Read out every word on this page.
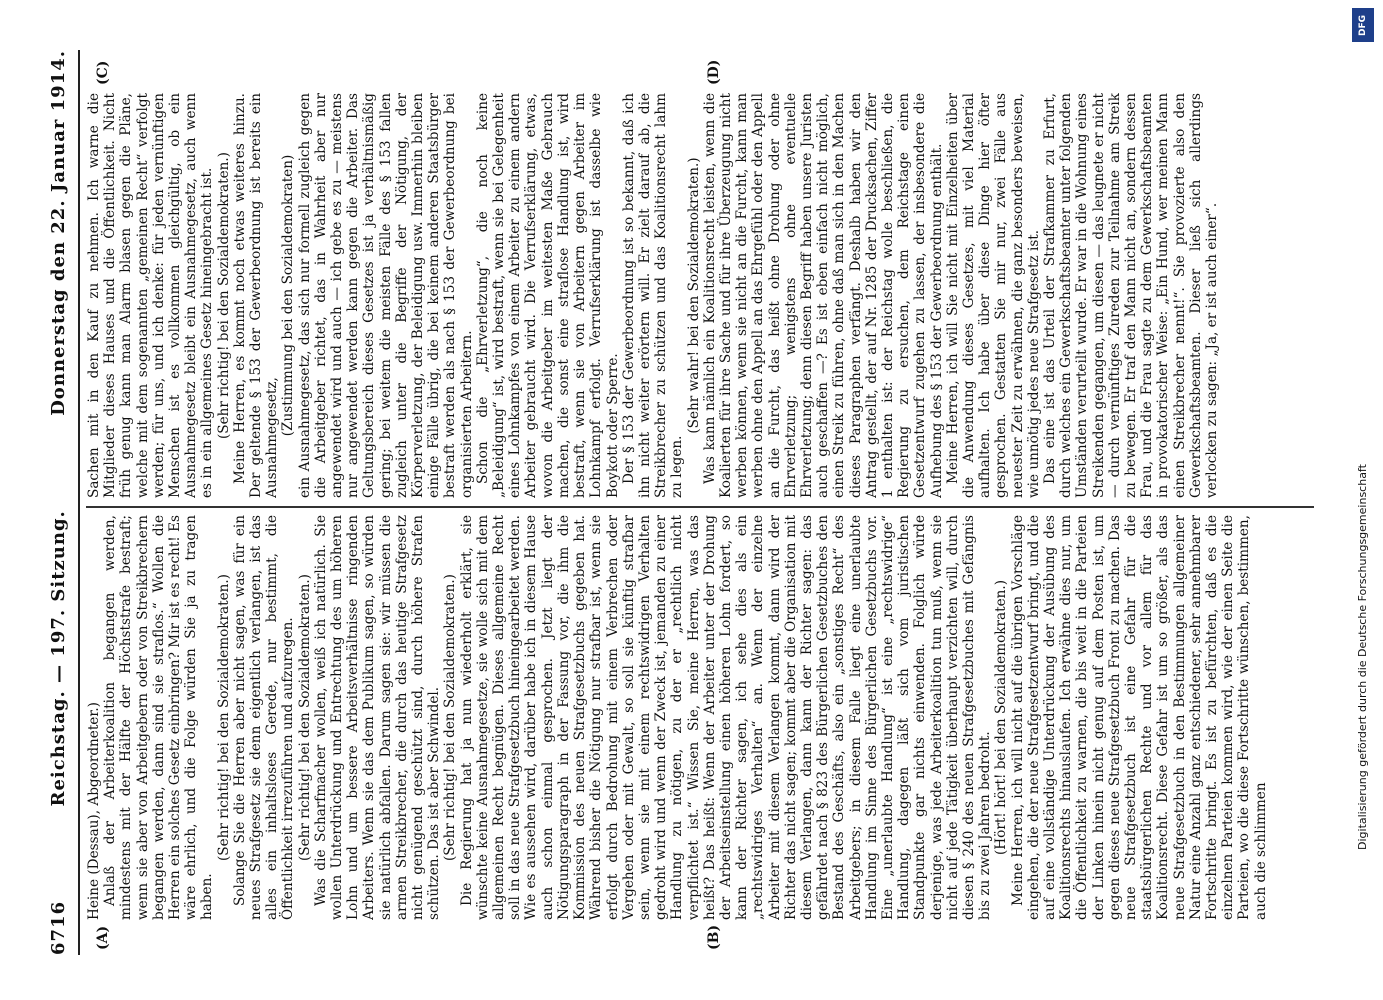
6716
Reichstag. — 197. Sitzung.
Donnerstag den 22. Januar 1914.
(A)	(B)
(C)	(D)

Heine (Dessau), Abgeordneter.) Anlaß der Arbeiterkoalition begangen werden, mindestens mit der Hälfte der Höchststrafe bestraft; wenn sie aber von Arbeitgebern oder von Streikbrechern begangen werden, dann sind sie straflos.“ Wollen die Herren ein solches Gesetz einbringen? Mir ist es recht! Es wäre ehrlich, und die Folge würden Sie ja zu tragen haben.

(Sehr richtig! bei den Sozialdemokraten.) Solange Sie die Herren aber nicht sagen, was für ein neues Strafgesetz sie denn eigentlich verlangen, ist das alles ein inhaltsloses Gerede, nur bestimmt, die Öffentlichkeit irrezuführen und aufzuregen. (Sehr richtig! bei den Sozialdemokraten.) Was die Scharfmacher wollen, weiß ich natürlich. Sie wollen Unterdrückung und Entrechtung des um höheren Lohn und um bessere Arbeitsverhältnisse ringenden Arbeiters. Wenn sie das dem Publikum sagen, so würden sie natürlich abfallen. Darum sagen sie: wir müssen die armen Streikbrecher, die durch das heutige Strafgesetz nicht genügend geschützt sind, durch höhere Strafen schützen. Das ist aber Schwindel. (Sehr richtig! bei den Sozialdemokraten.) Die Regierung hat ja nun wiederholt erklärt, sie wünschte keine Ausnahmegesetze, sie wolle sich mit dem allgemeinen Recht begnügen. Dieses allgemeine Recht soll in das neue Strafgesetzbuch hineingearbeitet werden. Wie es aussehen wird, darüber habe ich in diesem Hause auch schon einmal gesprochen. Jetzt liegt der Nötigungsparagraph in der Fassung vor, die ihm die Kommission des neuen Strafgesetzbuchs gegeben hat. Während bisher die Nötigung nur strafbar ist, wenn sie erfolgt durch Bedrohung mit einem Verbrechen oder Vergehen oder mit Gewalt, so soll sie künftig strafbar sein, wenn sie mit einem rechtswidrigen Verhalten gedroht wird und wenn der Zweck ist, jemanden zu einer Handlung zu nötigen, zu der er „rechtlich nicht verpflichtet ist.“ Wissen Sie, meine Herren, was das heißt? Das heißt: Wenn der Arbeiter unter der Drohung der Arbeitseinstellung einen höheren Lohn fordert, so kann der Richter sagen, ich sehe dies als ein „rechtswidriges Verhalten“ an. Wenn der einzelne Arbeiter mit diesem Verlangen kommt, dann wird der Richter das nicht sagen; kommt aber die Organisation mit diesem Verlangen, dann kann der Richter sagen: das gefährdet nach § 823 des Bürgerlichen Gesetzbuches den Bestand des Geschäfts, also ein „sonstiges Recht“ des Arbeitgebers; in diesem Falle liegt eine unerlaubte Handlung im Sinne des Bürgerlichen Gesetzbuchs vor. Eine „unerlaubte Handlung“ ist eine „rechtswidrige“ Handlung, dagegen läßt sich vom juristischen Standpunkte gar nichts einwenden. Folglich würde derjenige, was jede Arbeiterkoalition tun muß, wenn sie nicht auf jede Tätigkeit überhaupt verzichten will, durch diesen § 240 des neuen Strafgesetzbuches mit Gefängnis bis zu zwei Jahren bedroht. (Hört! hört! bei den Sozialdemokraten.) Meine Herren, ich will nicht auf die übrigen Vorschläge eingehen, die der neue Strafgesetzentwurf bringt, und die auf eine vollständige Unterdrückung der Ausübung des Koalitionsrechts hinauslaufen. Ich erwähne dies nur, um die Öffentlichkeit zu warnen, die bis weit in die Parteien der Linken hinein nicht genug auf dem Posten ist, um gegen dieses neue Strafgesetzbuch Front zu machen. Das neue Strafgesetzbuch ist eine Gefahr für die staatsbürgerlichen Rechte und vor allem für das Koalitionsrecht. Diese Gefahr ist um so größer, als das neue Strafgesetzbuch in den Bestimmungen allgemeiner Natur eine Anzahl ganz entschiedener, sehr annehmbarer Fortschritte bringt. Es ist zu befürchten, daß es die einzelnen Parteien kommen wird, wie der einen Seite die Parteien, wo die diese Fortschritte wünschen, bestimmen, auch die schlimmen

Sachen mit in den Kauf zu nehmen. Ich warne die Mitglieder dieses Hauses und die Öffentlichkeit. Nicht früh genug kann man Alarm blasen gegen die Pläne, welche mit dem sogenannten „gemeinen Recht“ verfolgt werden; für uns, und ich denke: für jeden vernünftigen Menschen ist es vollkommen gleichgültig, ob ein Ausnahmegesetz bleibt ein Ausnahmegesetz, auch wenn es in ein allgemeines Gesetz hineingebracht ist. (Sehr richtig! bei den Sozialdemokraten.) Meine Herren, es kommt noch etwas weiteres hinzu. Der geltende § 153 der Gewerbeordnung ist bereits ein Ausnahmegesetz,

(Zustimmung bei den Sozialdemokraten) ein Ausnahmegesetz, das sich nur formell zugleich gegen die Arbeitgeber richtet, das in Wahrheit aber nur angewendet wird und auch — ich gebe es zu — meistens nur angewendet werden kann gegen die Arbeiter. Das Geltungsbereich dieses Gesetzes ist ja verhältnismäßig gering; bei weitem die meisten Fälle des § 153 fallen zugleich unter die Begriffe der Nötigung, der Körperverletzung, der Beleidigung usw. Immerhin bleiben einige Fälle übrig, die bei keinem anderen Staatsbürger bestraft werden als nach § 153 der Gewerbeordnung bei organisierten Arbeitern. Schon die „Ehrverletzung“, die noch keine „Beleidigung“ ist, wird bestraft, wenn sie bei Gelegenheit eines Lohnkampfes von einem Arbeiter zu einem andern Arbeiter gebraucht wird. Die Verrufserklärung, etwas, wovon die Arbeitgeber im weitesten Maße Gebrauch machen, die sonst eine straflose Handlung ist, wird bestraft, wenn sie von Arbeitern gegen Arbeiter im Lohnkampf erfolgt. Verrufserklärung ist dasselbe wie Boykott oder Sperre. Der § 153 der Gewerbeordnung ist so bekannt, daß ich ihn nicht weiter erörtern will. Er zielt darauf ab, die Streikbrecher zu schützen und das Koalitionsrecht lahm zu legen.

(Sehr wahr! bei den Sozialdemokraten.) Was kann nämlich ein Koalitionsrecht leisten, wenn die Koalierten für ihre Sache und für ihre Überzeugung nicht werben können, wenn sie nicht an die Furcht, kann man werben ohne den Appell an das Ehrgefühl oder den Appell an die Furcht, das heißt ohne Drohung oder ohne Ehrverletzung; wenigstens ohne eventuelle Ehrverletzung; denn diesen Begriff haben unsere Juristen auch geschaffen —? Es ist eben einfach nicht möglich, einen Streik zu führen, ohne daß man sich in den Machen dieses Paragraphen verfängt. Deshalb haben wir den Antrag gestellt, der auf Nr. 1285 der Drucksachen, Ziffer 1 enthalten ist: der Reichstag wolle beschließen, die Regierung zu ersuchen, dem Reichstage einen Gesetzentwurf zugehen zu lassen, der insbesondere die Aufhebung des § 153 der Gewerbeordnung enthält. Meine Herren, ich will Sie nicht mit Einzelheiten über die Anwendung dieses Gesetzes, mit viel Material aufhalten. Ich habe über diese Dinge hier öfter gesprochen. Gestatten Sie mir nur, zwei Fälle aus neuester Zeit zu erwähnen, die ganz besonders beweisen, wie unnötig jedes neue Strafgesetz ist. Das eine ist das Urteil der Strafkammer zu Erfurt, durch welches ein Gewerkschaftsbeamter unter folgenden Umständen verurteilt wurde. Er war in die Wohnung eines Streikenden gegangen, um diesen — das leugnete er nicht — durch vernünftiges Zureden zur Teilnahme am Streik zu bewegen. Er traf den Mann nicht an, sondern dessen Frau, und die Frau sagte zu dem Gewerkschaftsbeamten in provokatorischer Weise: „Ein Hund, wer meinen Mann einen Streikbrecher nennt!“. Sie provozierte also den Gewerkschaftsbeamten. Dieser ließ sich allerdings verlocken zu sagen: „Ja, er ist auch einer“.

DFG
Digitalisierung gefördert durch die Deutsche Forschungsgemeinschaft
